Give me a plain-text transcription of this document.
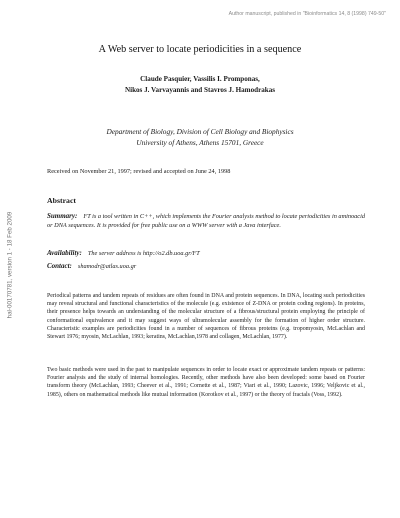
Author manuscript, published in "Bioinformatics 14, 8 (1998) 749-50"
hal-00170781, version 1 - 18 Feb 2009
A Web server to locate periodicities in a sequence
Claude Pasquier, Vassilis I. Promponas,
Nikos J. Varvayannis and Stavros J. Hamodrakas
Department of Biology, Division of Cell Biology and Biophysics
University of Athens, Athens 15701, Greece
Received on November 21, 1997; revised and accepted on June 24, 1998
Abstract
Summary: FT is a tool written in C++, which implements the Fourier analysis method to locate periodicities in aminoacid or DNA sequences. It is provided for free public use on a WWW server with a Java interface.
Availability: The server address is http://o2.db.uoa.gr/FT
Contact: shamodr@atlas.uoa.gr

Periodical patterns and tandem repeats of residues are often found in DNA and protein sequences. In DNA, locating such periodicities may reveal structural and functional characteristics of the molecule (e.g. existence of Z-DNA or protein coding regions). In proteins, their presence helps towards an understanding of the molecular structure of a fibrous/structural protein employing the principle of conformational equivalence and it may suggest ways of ultramolecular assembly for the formation of higher order structure. Characteristic examples are periodicities found in a number of sequences of fibrous proteins (e.g. tropomyosin, McLachlan and Stewart 1976; myosin, McLachlan, 1993; keratins, McLachlan,1978 and collagen, McLachlan, 1977).

Two basic methods were used in the past to manipulate sequences in order to locate exact or approximate tandem repeats or patterns: Fourier analysis and the study of internal homologies. Recently, other methods have also been developed: some based on Fourier transform theory (McLachlan, 1993; Cheever et al., 1991; Cornette et al., 1987; Viari et al., 1990; Lazovic, 1996; Veljkovic et al., 1985), others on mathematical methods like mutual information (Korotkov et al., 1997) or the theory of fractals (Voss, 1992).
